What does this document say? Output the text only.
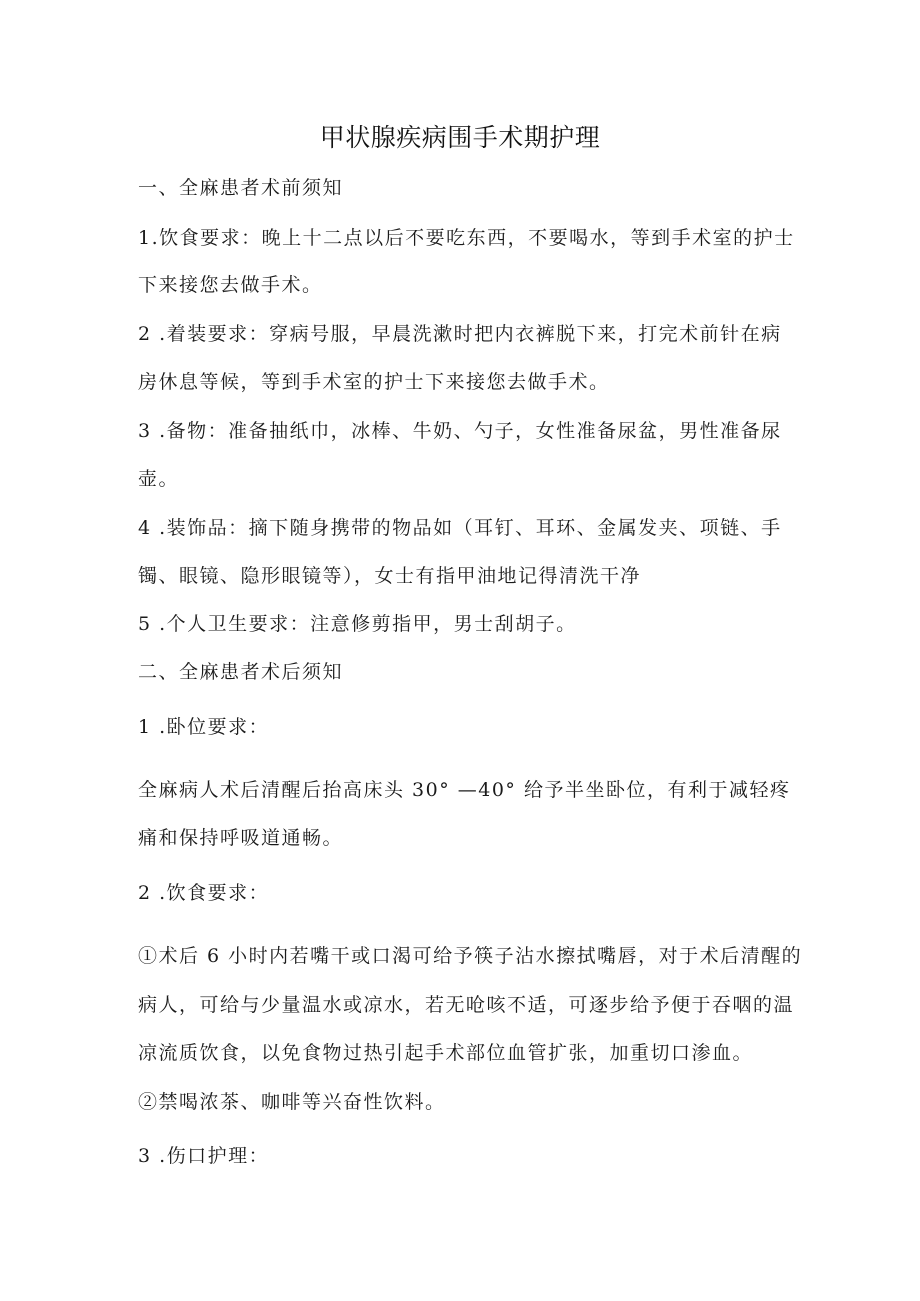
甲状腺疾病围手术期护理
一、全麻患者术前须知
1.饮食要求：晚上十二点以后不要吃东西，不要喝水，等到手术室的护士
下来接您去做手术。
2 .着装要求：穿病号服，早晨洗漱时把内衣裤脱下来，打完术前针在病
房休息等候，等到手术室的护士下来接您去做手术。
3 .备物：准备抽纸巾，冰棒、牛奶、勺子，女性准备尿盆，男性准备尿
壶。
4 .装饰品：摘下随身携带的物品如（耳钉、耳环、金属发夹、项链、手
镯、眼镜、隐形眼镜等），女士有指甲油地记得清洗干净
5 .个人卫生要求：注意修剪指甲，男士刮胡子。
二、全麻患者术后须知
1 .卧位要求：
全麻病人术后清醒后抬高床头 30° —40° 给予半坐卧位，有利于减轻疼
痛和保持呼吸道通畅。
2 .饮食要求：
①术后 6 小时内若嘴干或口渴可给予筷子沾水擦拭嘴唇，对于术后清醒的
病人，可给与少量温水或凉水，若无呛咳不适，可逐步给予便于吞咽的温
凉流质饮食，以免食物过热引起手术部位血管扩张，加重切口渗血。
②禁喝浓茶、咖啡等兴奋性饮料。
3 .伤口护理：
